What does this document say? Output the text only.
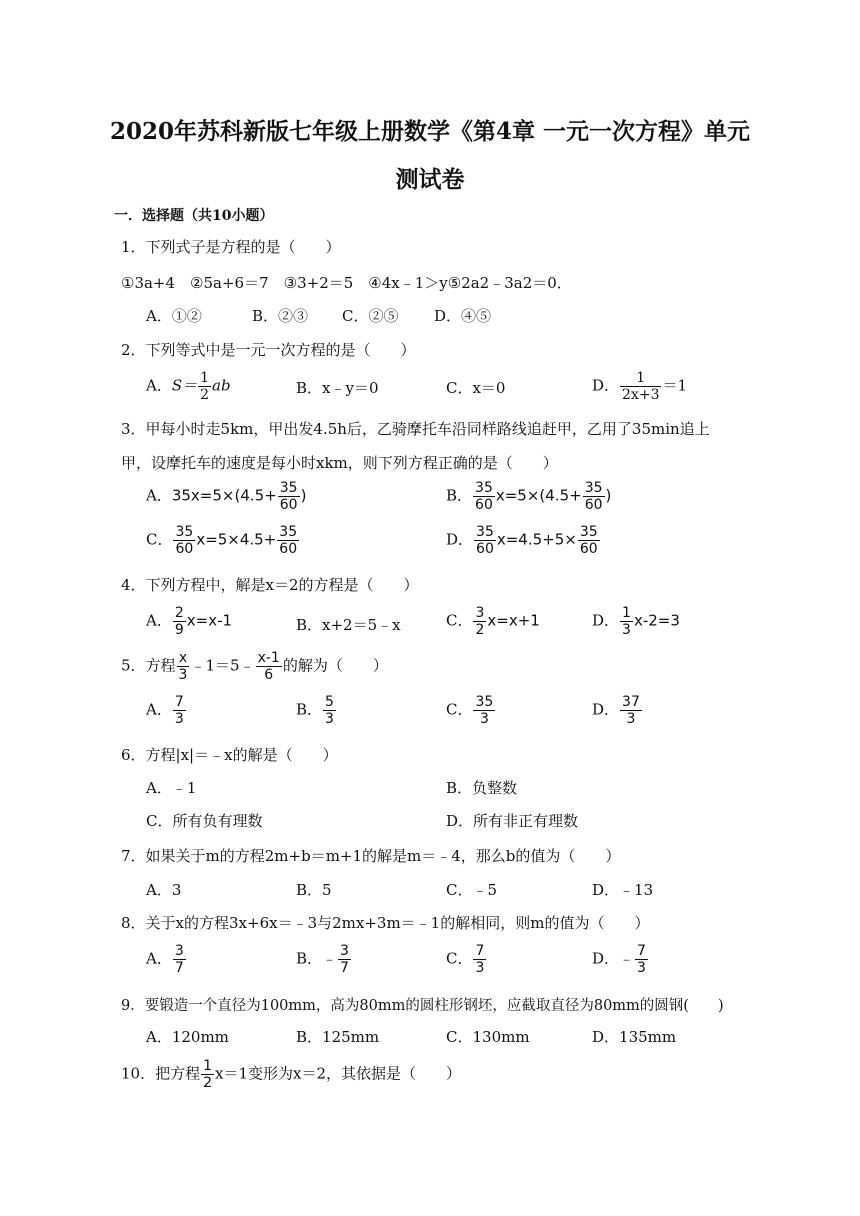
2020年苏科新版七年级上册数学《第4章 一元一次方程》单元
测试卷
一．选择题（共10小题）
1．下列式子是方程的是（　　）
①3a+4　②5a+6＝7　③3+2＝5　④4x﹣1＞y⑤2a2﹣3a2＝0．
A．①②	B．②③ C．②⑤ D．④⑤
2．下列等式中是一元一次方程的是（　　）
A．$S= \frac{1}{2}$ ab	B．x﹣y＝0	C．x＝0	D． $\frac{1}{2x+3} =1$
3．甲每小时走5km，甲出发4.5h后，乙骑摩托车沿同样路线追赶甲，乙用了35min追上甲，设摩托车的速度是每小时xkm，则下列方程正确的是（　　）
A．$35x=5\times(4.5+ \frac{35}{60}$ )	B． $\frac{35}{60} x=5\times(4.5+ \frac{35}{60}$ )
C． $\frac{35}{60} x=5\times 4.5+ \frac{35}{60}$	D． $\frac{35}{60} x=4.5+5\times \frac{35}{60}$
4．下列方程中，解是x＝2的方程是（　　）
A． $\frac{2}{9} x=x-1$	B．x+2＝5﹣x	C． $\frac{3}{2} x=x+1$	D． $\frac{1}{3} x-2=3$
5．方程 $\frac{x}{3}$ ﹣1＝5﹣ $\frac{x-1}{6}$ 的解为（　　）
A． $\frac{7}{3}$	B． $\frac{5}{3}$	C． $\frac{35}{3}$	D． $\frac{37}{3}$
6．方程|x|＝﹣x的解是（　　）
A．﹣1	B．负整数
C．所有负有理数	D．所有非正有理数
7．如果关于m的方程2m+b＝m+1的解是m＝﹣4，那么b的值为（　　）
A．3	B．5	C．﹣5	D．﹣13
8．关于x的方程3x+6x＝﹣3与2mx+3m＝﹣1的解相同，则m的值为（　　）
A． $\frac{3}{7}$	B．﹣ $\frac{3}{7}$	C． $\frac{7}{3}$	D．﹣ $\frac{7}{3}$
9．要锻造一个直径为100mm，高为80mm的圆柱形钢坯，应截取直径为80mm的圆钢(　　)
A．120mm	B．125mm	C．130mm	D．135mm
10．把方程 $\frac{1}{2} x=1$变形为x＝2，其依据是（　　）
